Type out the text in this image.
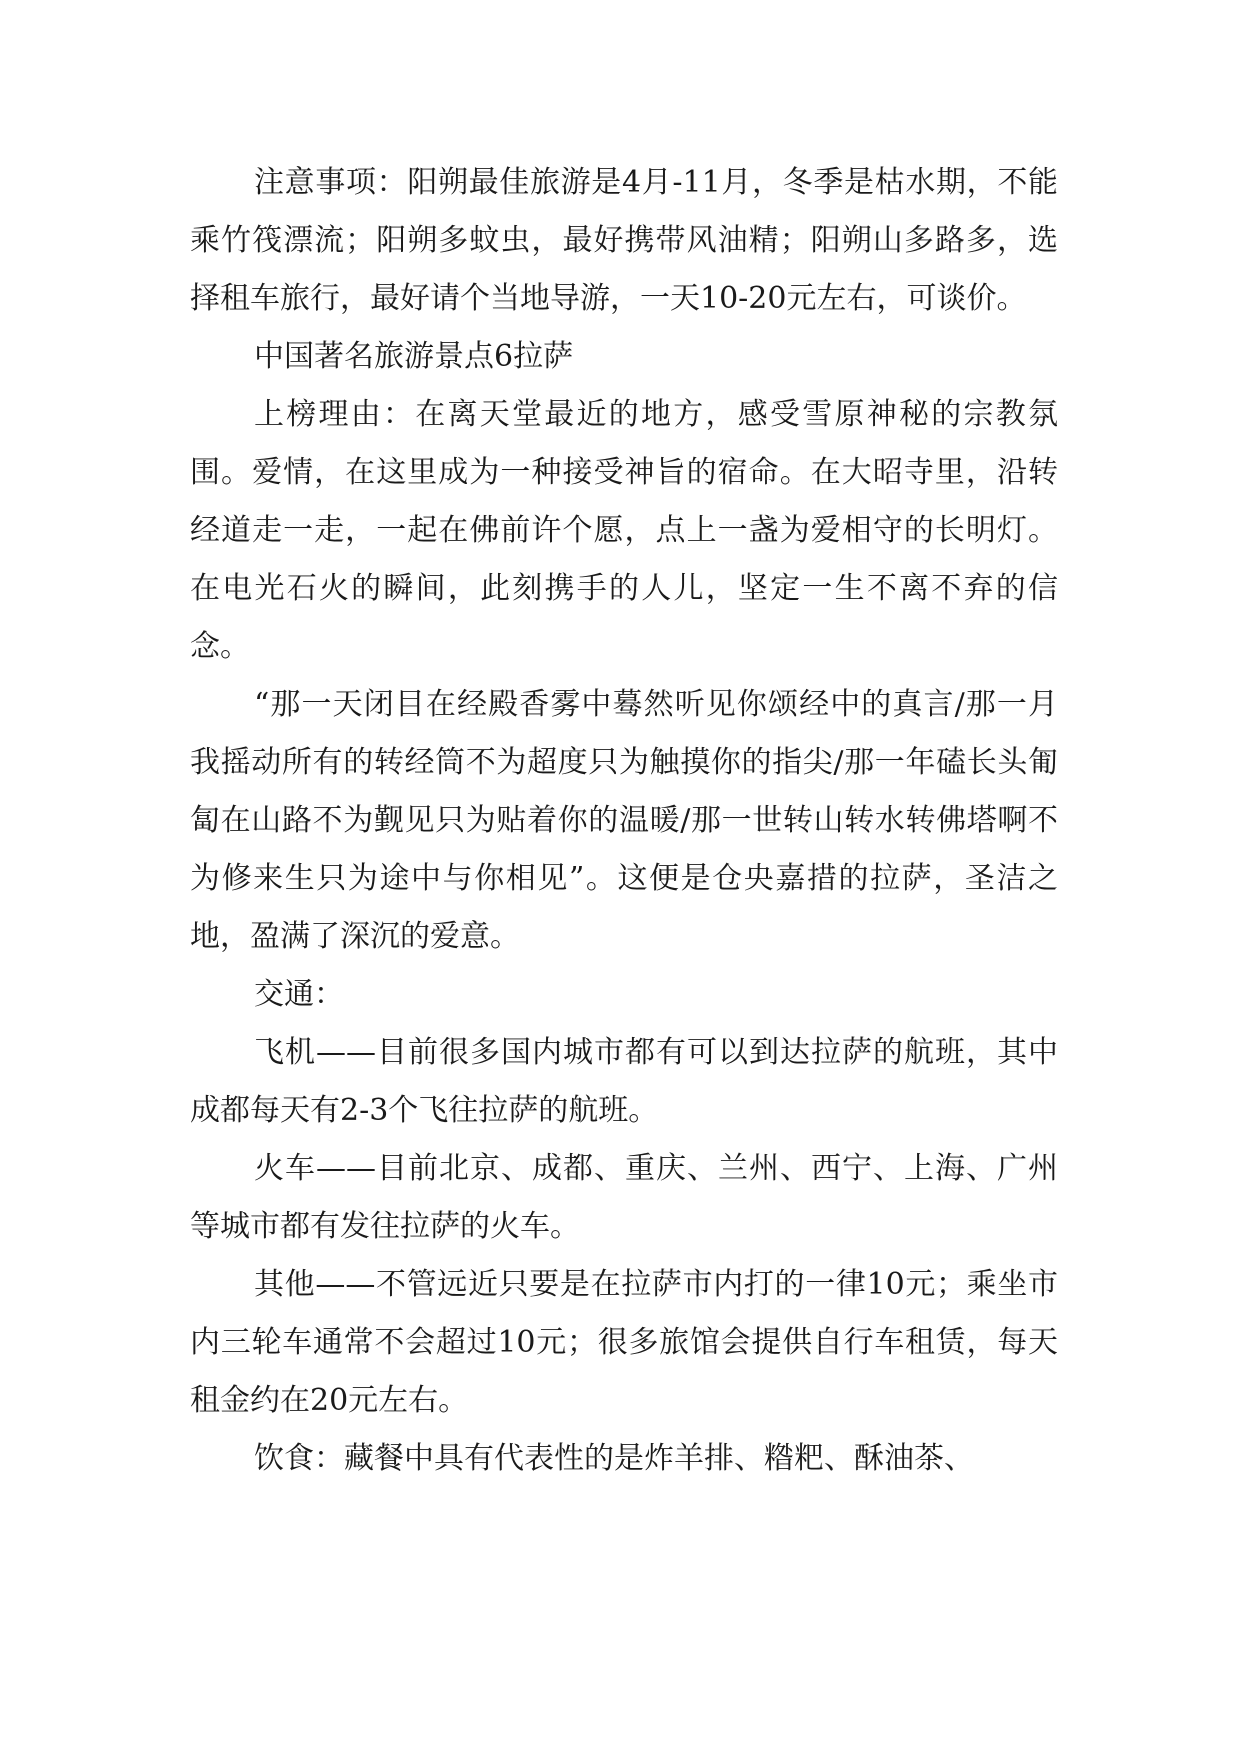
注意事项：阳朔最佳旅游是4月-11月，冬季是枯水期，不能乘竹筏漂流；阳朔多蚊虫，最好携带风油精；阳朔山多路多，选择租车旅行，最好请个当地导游，一天10-20元左右，可谈价。

中国著名旅游景点6拉萨

上榜理由：在离天堂最近的地方，感受雪原神秘的宗教氛围。爱情，在这里成为一种接受神旨的宿命。在大昭寺里，沿转经道走一走，一起在佛前许个愿，点上一盏为爱相守的长明灯。在电光石火的瞬间，此刻携手的人儿，坚定一生不离不弃的信念。

“那一天闭目在经殿香雾中蓦然听见你颂经中的真言/那一月我摇动所有的转经筒不为超度只为触摸你的指尖/那一年磕长头匍匐在山路不为觐见只为贴着你的温暖/那一世转山转水转佛塔啊不为修来生只为途中与你相见”。这便是仓央嘉措的拉萨，圣洁之地，盈满了深沉的爱意。

交通：

飞机——目前很多国内城市都有可以到达拉萨的航班，其中成都每天有2-3个飞往拉萨的航班。

火车——目前北京、成都、重庆、兰州、西宁、上海、广州等城市都有发往拉萨的火车。

其他——不管远近只要是在拉萨市内打的一律10元；乘坐市内三轮车通常不会超过10元；很多旅馆会提供自行车租赁，每天租金约在20元左右。

饮食：藏餐中具有代表性的是炸羊排、糌粑、酥油茶、
